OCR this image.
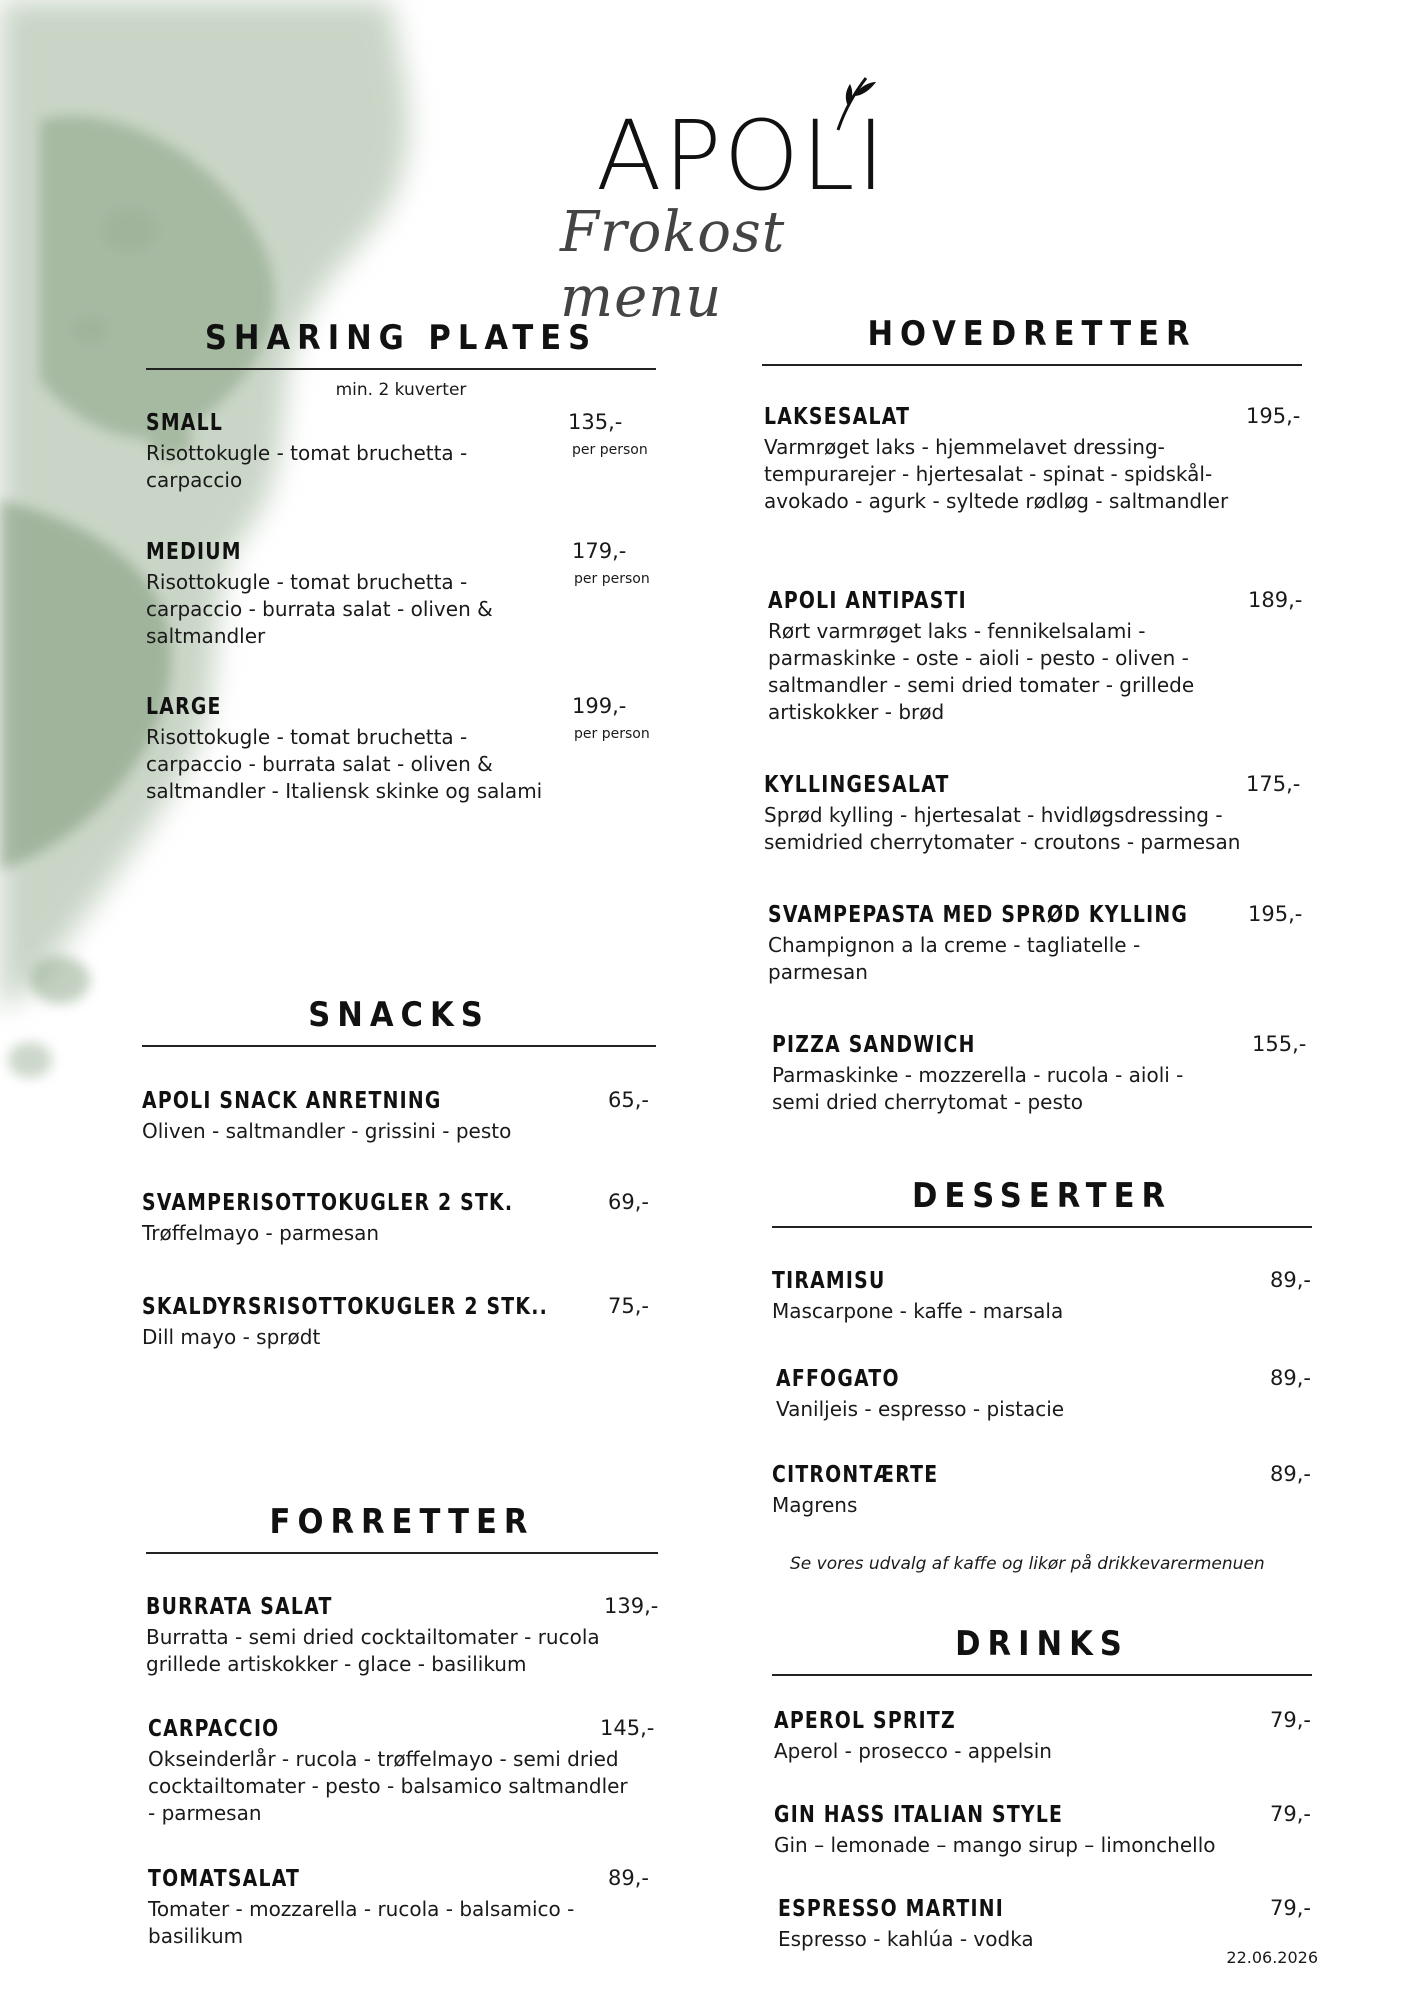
APOLI
Frokost menu
SHARING PLATES
min. 2 kuverter
SMALL	135,-
per person
Risottokugle - tomat bruchetta - carpaccio
MEDIUM	179,-
per person
Risottokugle - tomat bruchetta - carpaccio - burrata salat - oliven & saltmandler
LARGE	199,-
per person
Risottokugle - tomat bruchetta - carpaccio - burrata salat - oliven & saltmandler - Italiensk skinke og salami
SNACKS
APOLI SNACK ANRETNING	65,-
Oliven - saltmandler - grissini - pesto
SVAMPERISOTTOKUGLER 2 STK.	69,-
Trøffelmayo - parmesan
SKALDYRSRISOTTOKUGLER 2 STK..	75,-
Dill mayo - sprødt
FORRETTER
BURRATA SALAT	139,-
Burratta - semi dried cocktailtomater - rucola grillede artiskokker - glace - basilikum
CARPACCIO	145,-
Okseinderlår - rucola - trøffelmayo - semi dried cocktailtomater - pesto - balsamico saltmandler - parmesan
TOMATSALAT	89,-
Tomater - mozzarella - rucola - balsamico - basilikum
HOVEDRETTER
LAKSESALAT	195,-
Varmrøget laks - hjemmelavet dressing- tempurarejer - hjertesalat - spinat - spidskål- avokado - agurk - syltede rødløg - saltmandler
APOLI ANTIPASTI	189,-
Rørt varmrøget laks - fennikelsalami - parmaskinke - oste - aioli - pesto - oliven - saltmandler - semi dried tomater - grillede artiskokker - brød
KYLLINGESALAT	175,-
Sprød kylling - hjertesalat - hvidløgsdressing - semidried cherrytomater - croutons - parmesan
SVAMPEPASTA MED SPRØD KYLLING	195,-
Champignon a la creme - tagliatelle - parmesan
PIZZA SANDWICH	155,-
Parmaskinke - mozzerella - rucola - aioli - semi dried cherrytomat - pesto
DESSERTER
TIRAMISU	89,-
Mascarpone - kaffe - marsala
AFFOGATO	89,-
Vaniljeis - espresso - pistacie
CITRONTÆRTE	89,-
Magrens
Se vores udvalg af kaffe og likør på drikkevarermenuen
DRINKS
APEROL SPRITZ	79,-
Aperol - prosecco - appelsin
GIN HASS ITALIAN STYLE	79,-
Gin – lemonade – mango sirup – limonchello
ESPRESSO MARTINI	79,-
Espresso - kahlúa - vodka
22.06.2026
